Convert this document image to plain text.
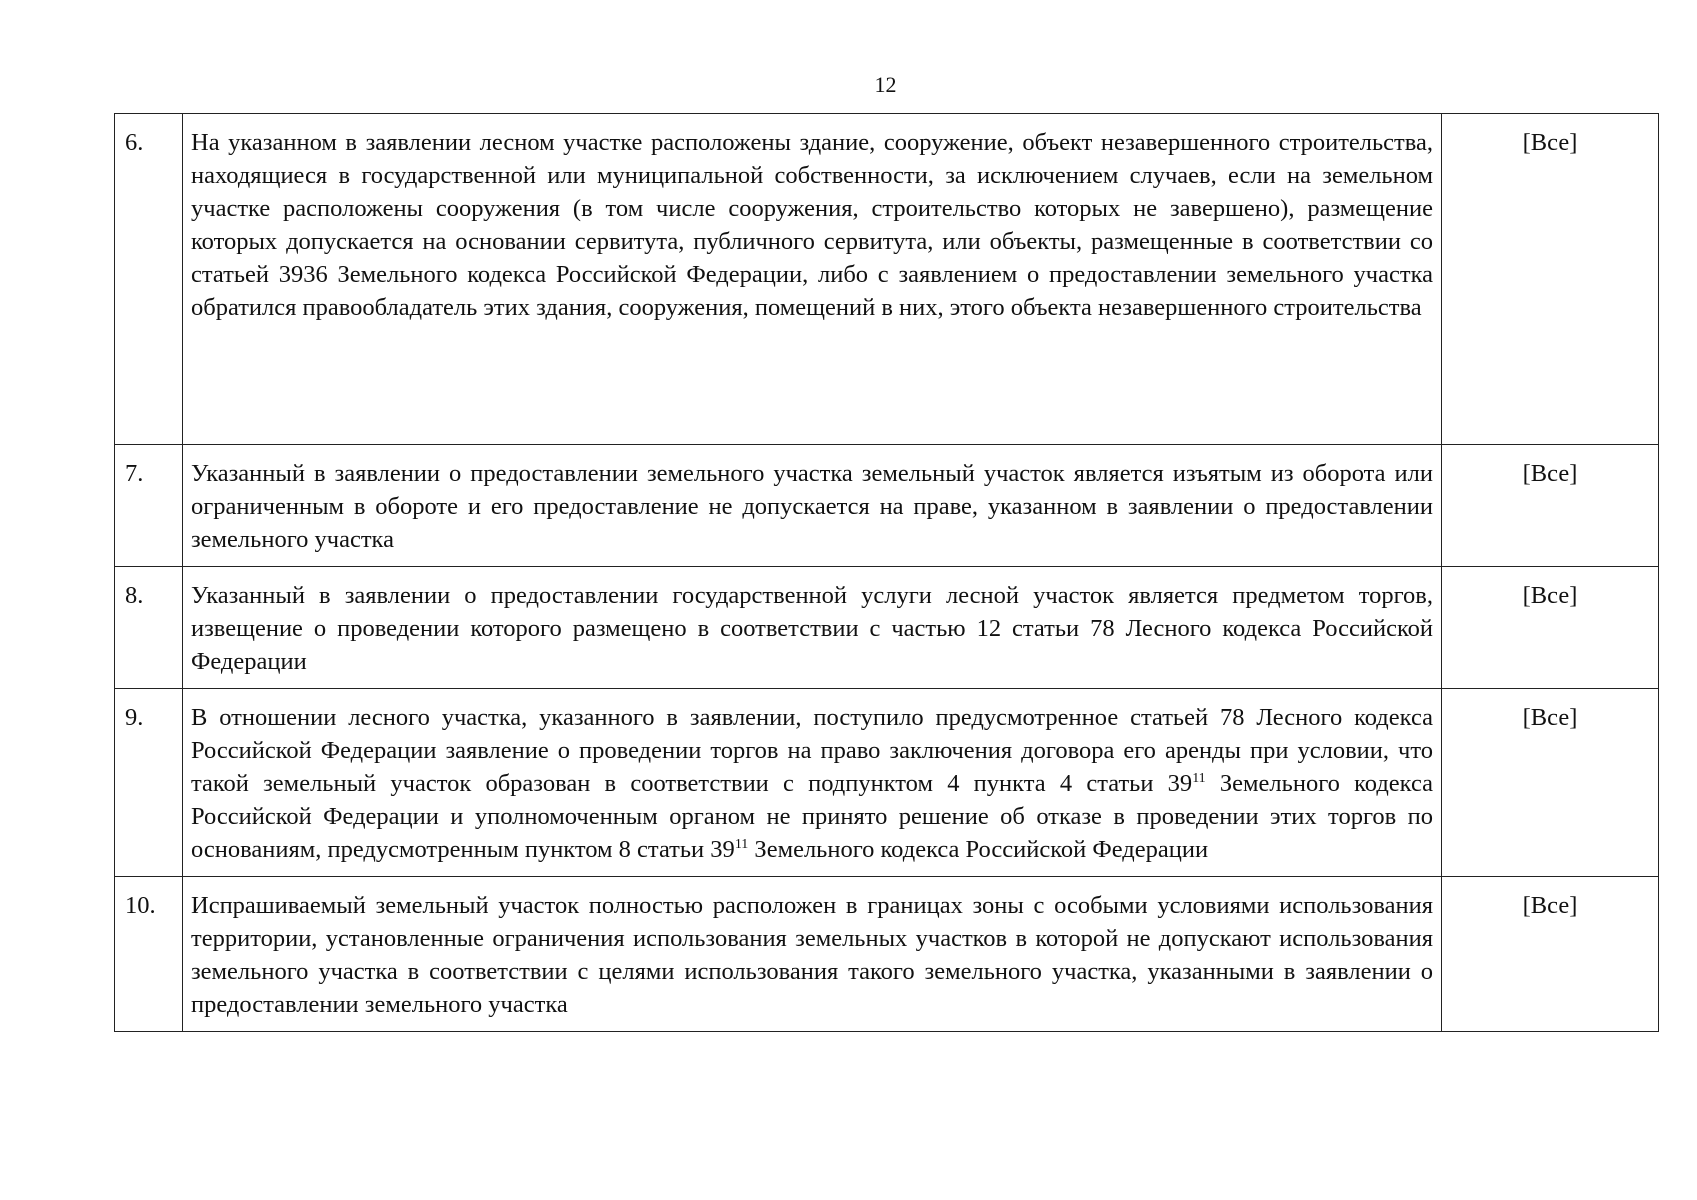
12
6.	На указанном в заявлении лесном участке расположены здание, сооружение, объект незавершенного строительства, находящиеся в государственной или муниципальной собственности, за исключением случаев, если на земельном участке расположены сооружения (в том числе сооружения, строительство которых не завершено), размещение которых допускается на основании сервитута, публичного сервитута, или объекты, размещенные в соответствии со статьей 3936 Земельного кодекса Российской Федерации, либо с заявлением о предоставлении земельного участка обратился правообладатель этих здания, сооружения, помещений в них, этого объекта незавершенного строительства	[Все]
7.	Указанный в заявлении о предоставлении земельного участка земельный участок является изъятым из оборота или ограниченным в обороте и его предоставление не допускается на праве, указанном в заявлении о предоставлении земельного участка	[Все]
8.	Указанный в заявлении о предоставлении государственной услуги лесной участок является предметом торгов, извещение о проведении которого размещено в соответствии с частью 12 статьи 78 Лесного кодекса Российской Федерации	[Все]
9.	В отношении лесного участка, указанного в заявлении, поступило предусмотренное статьей 78 Лесного кодекса Российской Федерации заявление о проведении торгов на право заключения договора его аренды при условии, что такой земельный участок образован в соответствии с подпунктом 4 пункта 4 статьи $39^{11}$ Земельного кодекса Российской Федерации и уполномоченным органом не принято решение об отказе в проведении этих торгов по основаниям, предусмотренным пунктом 8 статьи $39^{11}$ Земельного кодекса Российской Федерации	[Все]
10.	Испрашиваемый земельный участок полностью расположен в границах зоны с особыми условиями использования территории, установленные ограничения использования земельных участков в которой не допускают использования земельного участка в соответствии с целями использования такого земельного участка, указанными в заявлении о предоставлении земельного участка	[Все]
